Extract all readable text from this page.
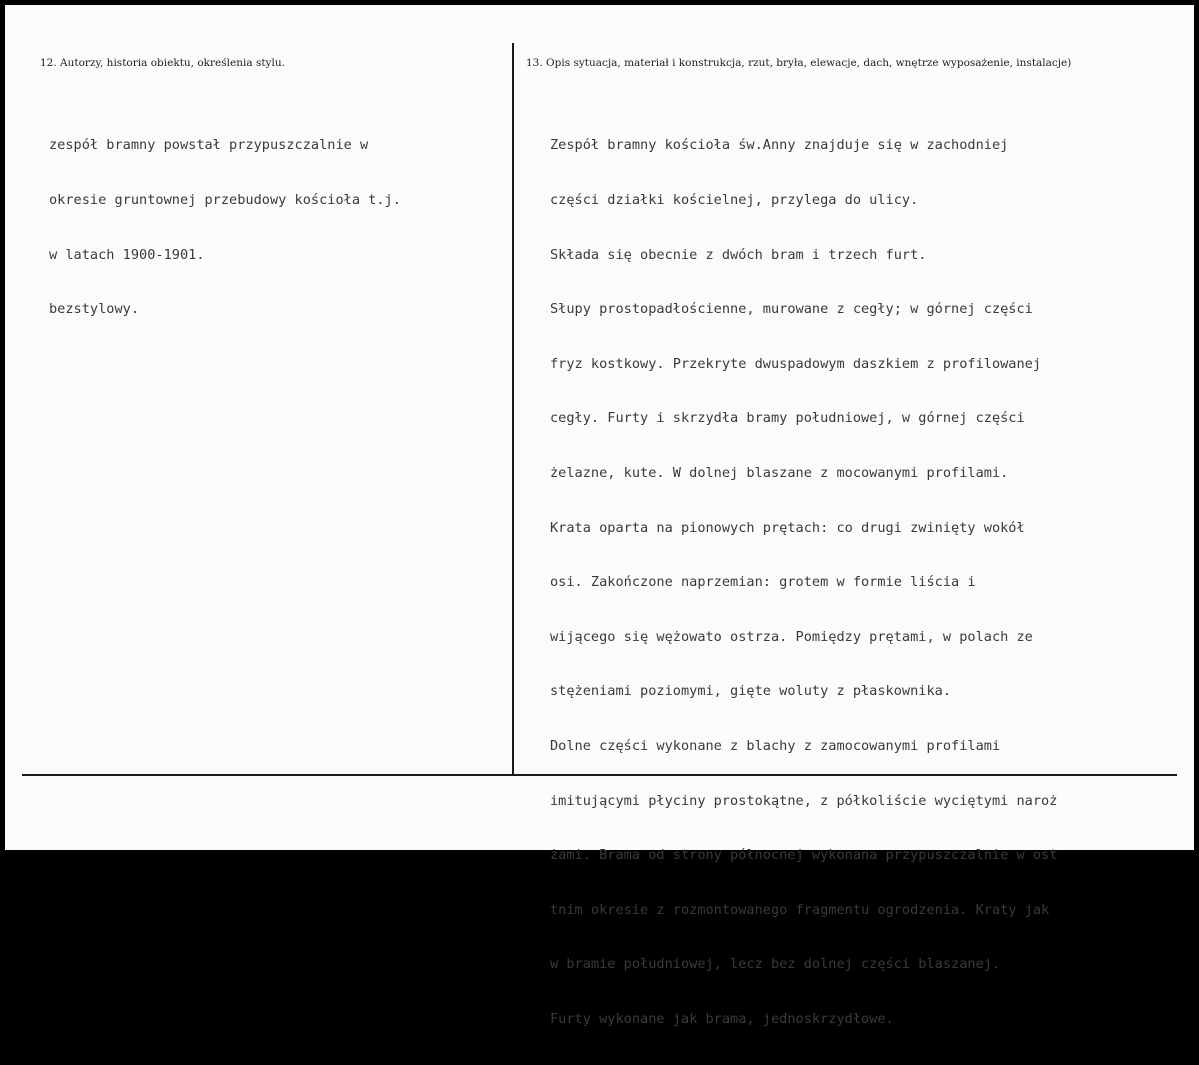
12. Autorzy, historia obiektu, określenia stylu.	13. Opis sytuacja, materiał i konstrukcja, rzut, bryła, elewacje, dach, wnętrze wyposażenie, instalacje)

zespół bramny powstał przypuszczalnie w

okresie gruntownej przebudowy kościoła t.j.

w latach 1900-1901.

bezstylowy.

Zespół bramny kościoła św.Anny znajduje się w zachodniej

części działki kościelnej, przylega do ulicy.

Składa się obecnie z dwóch bram i trzech furt.

Słupy prostopadłościenne, murowane z cegły; w górnej części

fryz kostkowy. Przekryte dwuspadowym daszkiem z profilowanej

cegły. Furty i skrzydła bramy południowej, w górnej części

żelazne, kute. W dolnej blaszane z mocowanymi profilami.

Krata oparta na pionowych prętach: co drugi zwinięty wokół

osi. Zakończone naprzemian: grotem w formie liścia i

wijącego się wężowato ostrza. Pomiędzy prętami, w polach ze

stężeniami poziomymi, gięte woluty z płaskownika.

Dolne części wykonane z blachy z zamocowanymi profilami

imitującymi płyciny prostokątne, z półkoliście wyciętymi naroż

żami. Brama od strony północnej wykonana przypuszczalnie w ost

tnim okresie z rozmontowanego fragmentu ogrodzenia. Kraty jak

w bramie południowej, lecz bez dolnej części blaszanej.

Furty wykonane jak brama, jednoskrzydłowe.
